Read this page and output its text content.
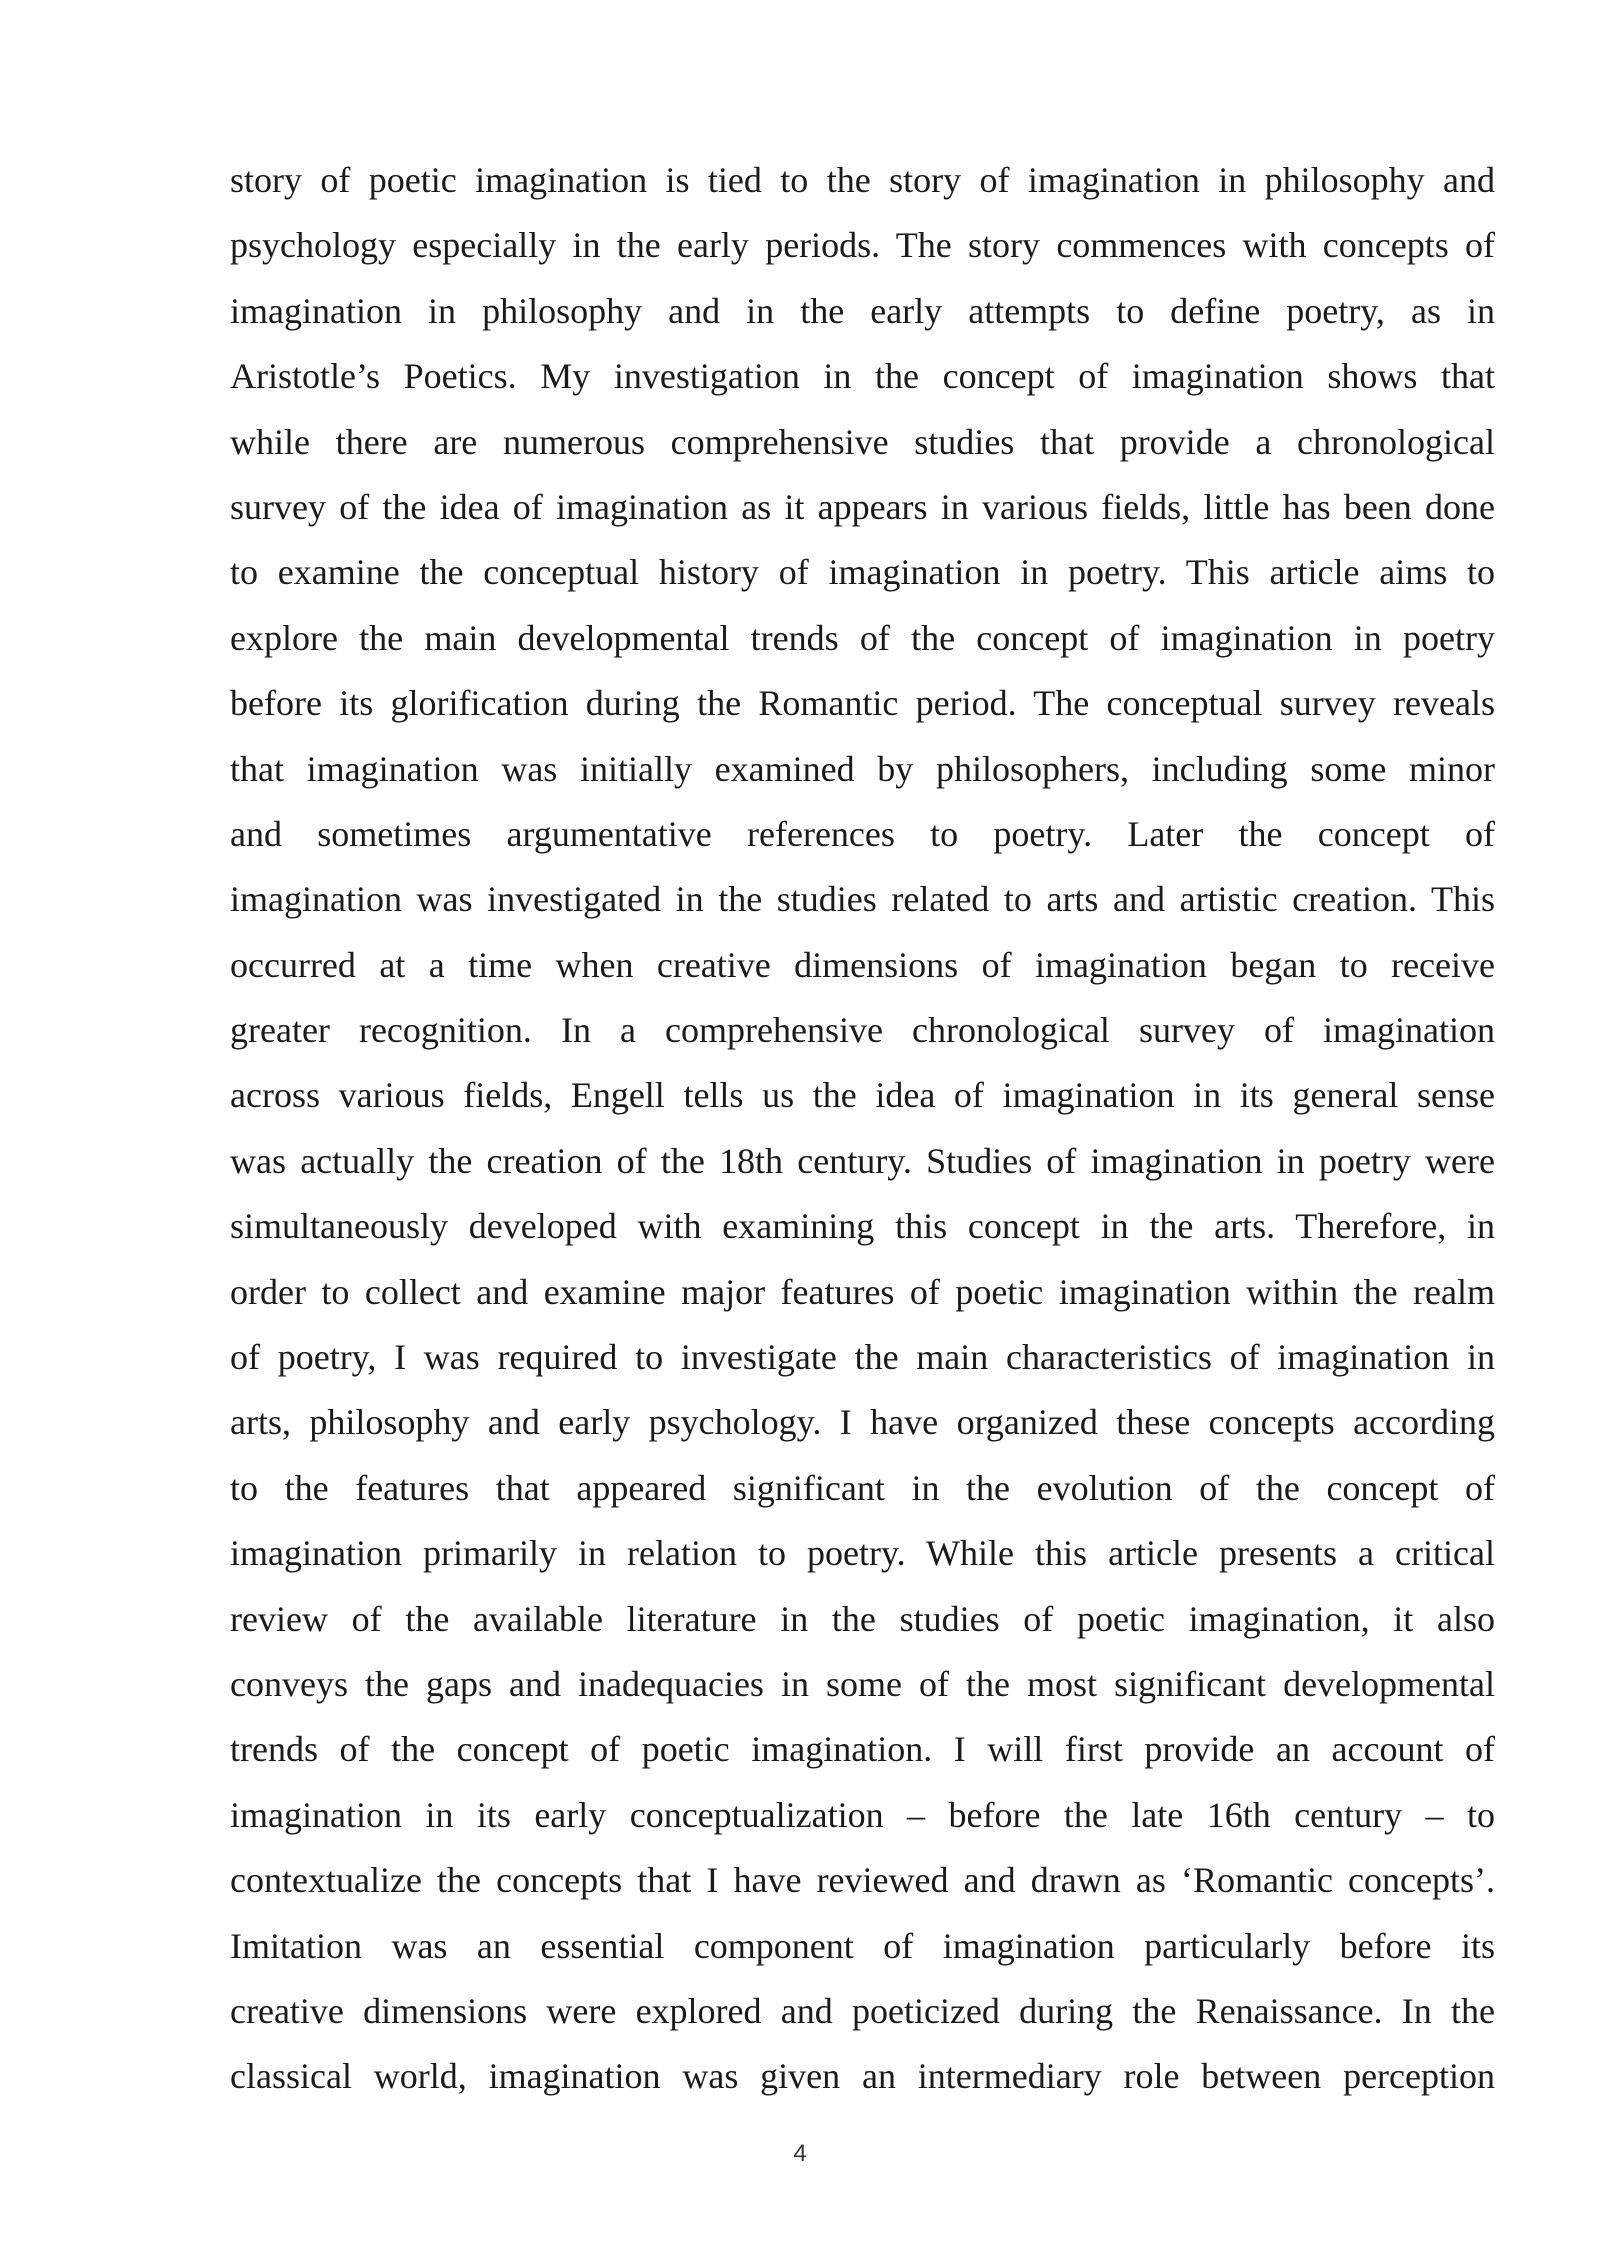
story of poetic imagination is tied to the story of imagination in philosophy and
psychology especially in the early periods. The story commences with concepts of
imagination in philosophy and in the early attempts to define poetry, as in
Aristotle’s Poetics. My investigation in the concept of imagination shows that
while there are numerous comprehensive studies that provide a chronological
survey of the idea of imagination as it appears in various fields, little has been done
to examine the conceptual history of imagination in poetry. This article aims to
explore the main developmental trends of the concept of imagination in poetry
before its glorification during the Romantic period. The conceptual survey reveals
that imagination was initially examined by philosophers, including some minor
and sometimes argumentative references to poetry. Later the concept of
imagination was investigated in the studies related to arts and artistic creation. This
occurred at a time when creative dimensions of imagination began to receive
greater recognition. In a comprehensive chronological survey of imagination
across various fields, Engell tells us the idea of imagination in its general sense
was actually the creation of the 18th century. Studies of imagination in poetry were
simultaneously developed with examining this concept in the arts. Therefore, in
order to collect and examine major features of poetic imagination within the realm
of poetry, I was required to investigate the main characteristics of imagination in
arts, philosophy and early psychology. I have organized these concepts according
to the features that appeared significant in the evolution of the concept of
imagination primarily in relation to poetry. While this article presents a critical
review of the available literature in the studies of poetic imagination, it also
conveys the gaps and inadequacies in some of the most significant developmental
trends of the concept of poetic imagination. I will first provide an account of
imagination in its early conceptualization – before the late 16th century – to
contextualize the concepts that I have reviewed and drawn as ‘Romantic concepts’.
Imitation was an essential component of imagination particularly before its
creative dimensions were explored and poeticized during the Renaissance. In the
classical world, imagination was given an intermediary role between perception
4
